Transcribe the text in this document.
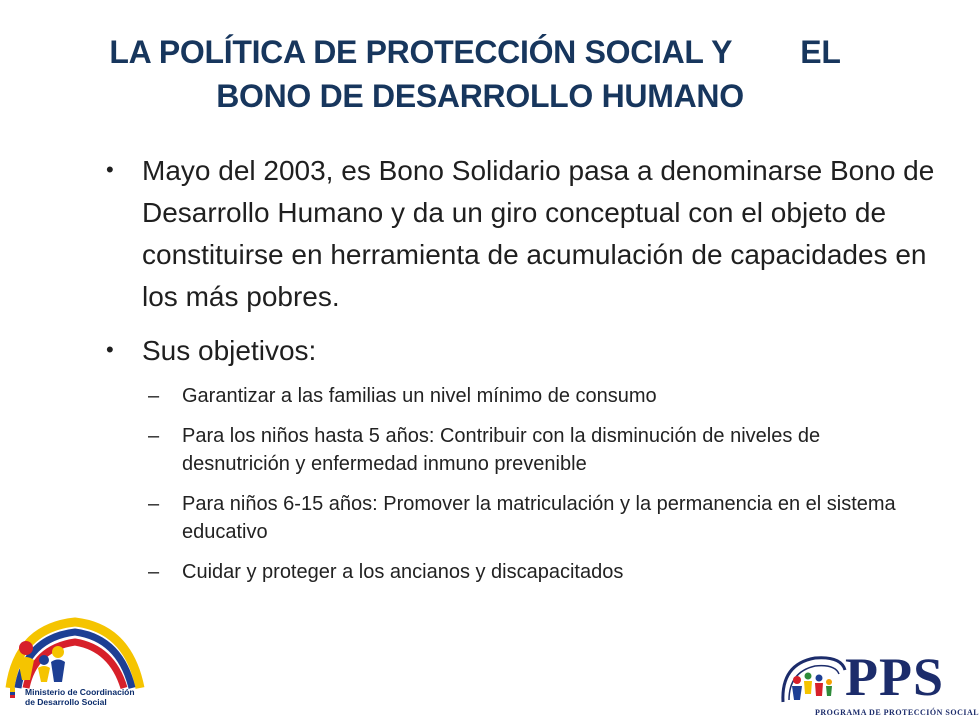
LA POLÍTICA DE PROTECCIÓN SOCIAL Y        EL
BONO DE DESARROLLO HUMANO
• Mayo del 2003, es Bono Solidario pasa a denominarse Bono de Desarrollo Humano y da un giro conceptual con el objeto de constituirse en herramienta de acumulación de capacidades en los más pobres.
• Sus objetivos:
– Garantizar a las familias un nivel mínimo de consumo
– Para los niños hasta 5 años: Contribuir con la disminución de niveles de desnutrición y enfermedad inmuno prevenible
– Para niños 6-15 años: Promover la matriculación y la permanencia en el sistema educativo
– Cuidar y proteger a los ancianos y discapacitados
Ministerio de Coordinación
de Desarrollo Social	PPS
PROGRAMA DE PROTECCIÓN SOCIAL
